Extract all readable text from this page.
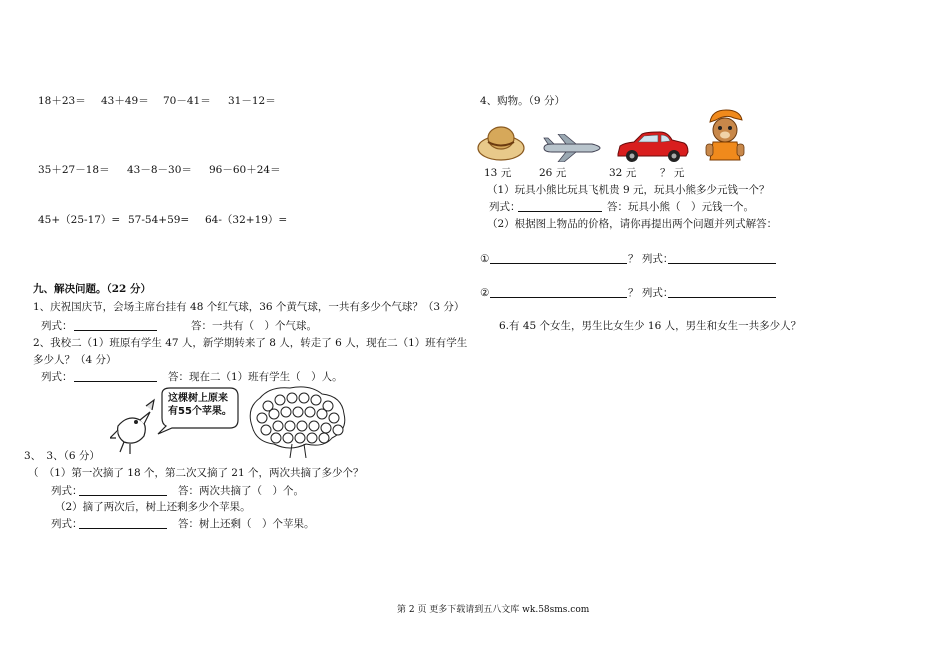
18＋23＝ 43＋49＝ 70－41＝ 31－12＝
35＋27－18＝ 43－8－30＝ 96－60＋24＝
45+（25-17）= 57-54+59= 64-（32+19）=
九、解决问题。（22 分）
1、庆祝国庆节，会场主席台挂有 48 个红气球，36 个黄气球，一共有多少个气球？（3 分）
列式：	答：一共有（　）个气球。
2、我校二（1）班原有学生 47 人，新学期转来了 8 人，转走了 6 人，现在二（1）班有学生
多少人？（4 分）
列式：	答：现在二（1）班有学生（　）人。
这棵树上原来有55个苹果。
3、　3、（6 分）
（　（1）第一次摘了 18 个，第二次又摘了 21 个，两次共摘了多少个？
列式：	答：两次共摘了（　）个。
（2）摘了两次后，树上还剩多少个苹果。
列式：	答：树上还剩（　）个苹果。
4、购物。（9 分）
13 元	26 元	32 元 ？ 元
（1）玩具小熊比玩具飞机贵 9 元，玩具小熊多少元钱一个？
列式：	答：玩具小熊（　）元钱一个。
（2）根据图上物品的价格，请你再提出两个问题并列式解答：
①	？ 列式：
②	？ 列式：
6.有 45 个女生，男生比女生少 16 人，男生和女生一共多少人？
第 2 页 更多下载请到五八文库 wk.58sms.com
